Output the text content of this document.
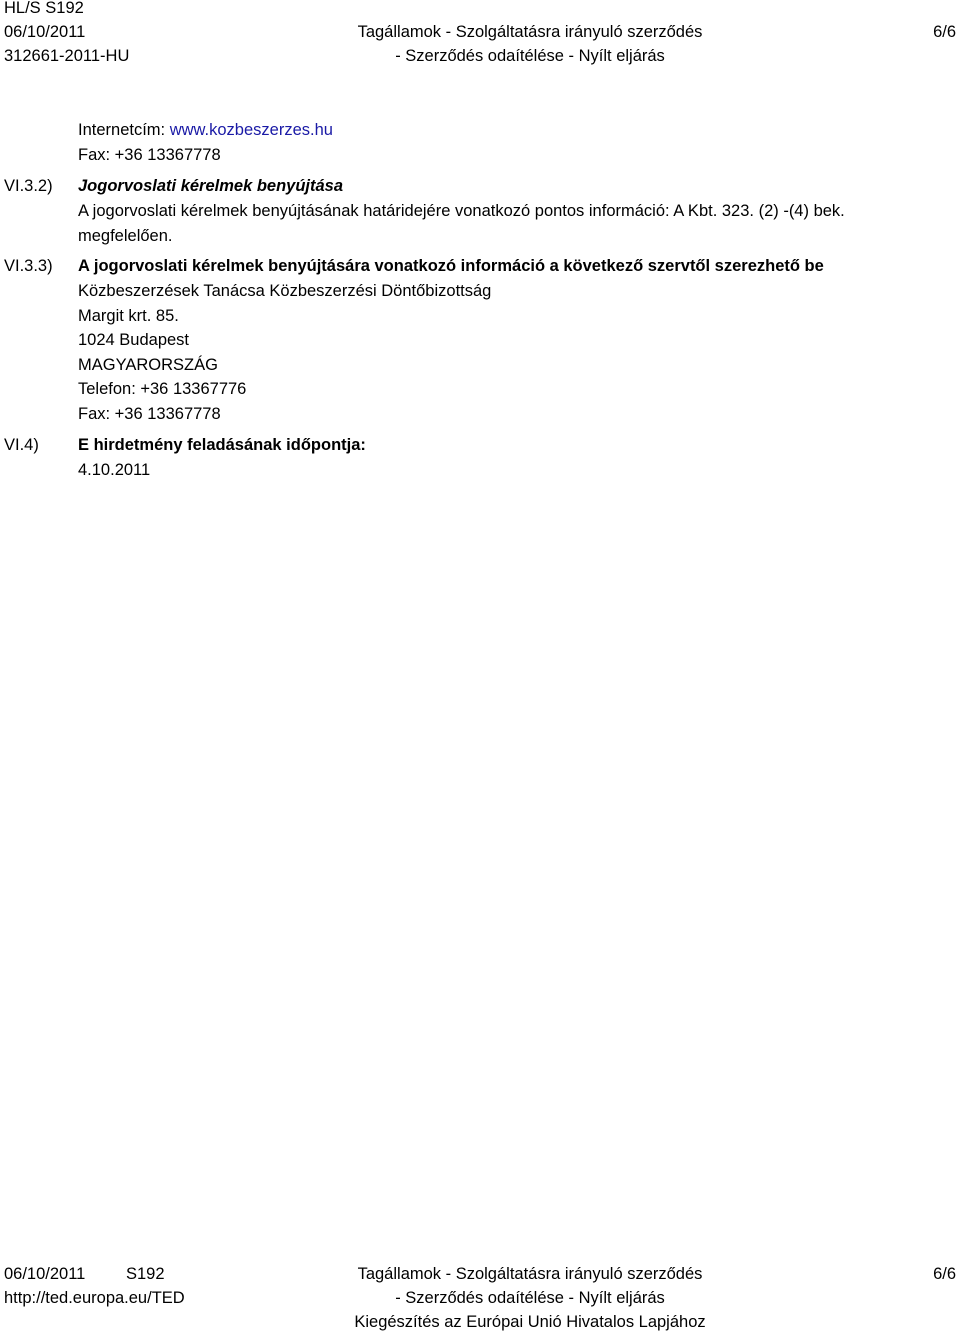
HL/S S192
06/10/2011
312661-2011-HU
Tagállamok - Szolgáltatásra irányuló szerződés
- Szerződés odaítélése - Nyílt eljárás
6/6
Internetcím: www.kozbeszerzes.hu
Fax: +36 13367778
VI.3.2) Jogorvoslati kérelmek benyújtása
A jogorvoslati kérelmek benyújtásának határidejére vonatkozó pontos információ: A Kbt. 323. (2) -(4) bek. megfelelően.
VI.3.3) A jogorvoslati kérelmek benyújtására vonatkozó információ a következő szervtől szerezhető be
Közbeszerzések Tanácsa Közbeszerzési Döntőbizottság
Margit krt. 85.
1024 Budapest
MAGYARORSZÁG
Telefon: +36 13367776
Fax: +36 13367778
VI.4) E hirdetmény feladásának időpontja:
4.10.2011
06/10/2011 S192
http://ted.europa.eu/TED
Tagállamok - Szolgáltatásra irányuló szerződés
- Szerződés odaítélése - Nyílt eljárás
Kiegészítés az Európai Unió Hivatalos Lapjához
6/6
